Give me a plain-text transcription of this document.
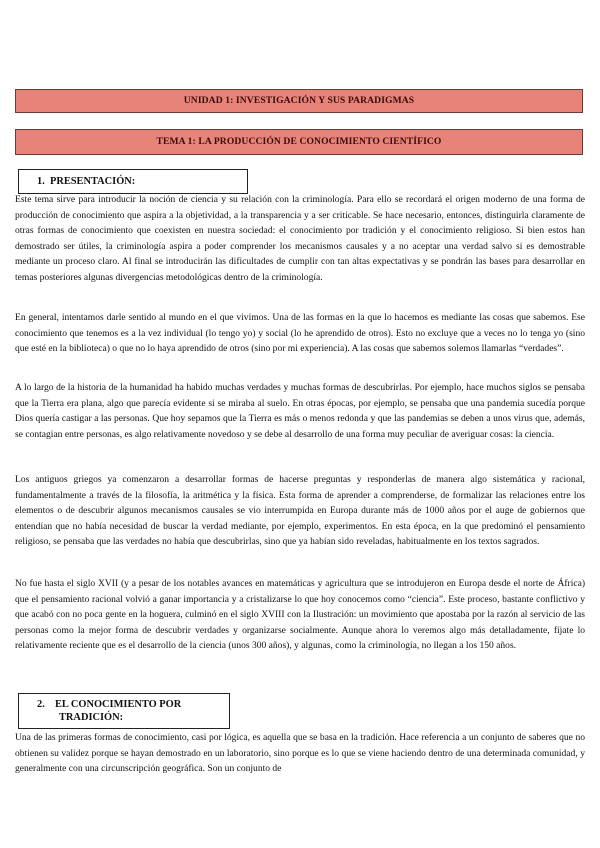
UNIDAD 1: INVESTIGACIÓN Y SUS PARADIGMAS
TEMA 1: LA PRODUCCIÓN DE CONOCIMIENTO CIENTÍFICO
1. PRESENTACIÓN:

Este tema sirve para introducir la noción de ciencia y su relación con la criminología. Para ello se recordará el origen moderno de una forma de producción de conocimiento que aspira a la objetividad, a la transparencia y a ser criticable. Se hace necesario, entonces, distinguirla claramente de otras formas de conocimiento que coexisten en nuestra sociedad: el conocimiento por tradición y el conocimiento religioso. Si bien estos han demostrado ser útiles, la criminología aspira a poder comprender los mecanismos causales y a no aceptar una verdad salvo si es demostrable mediante un proceso claro. Al final se introducirán las dificultades de cumplir con tan altas expectativas y se pondrán las bases para desarrollar en temas posteriores algunas divergencias metodológicas dentro de la criminología.

En general, intentamos darle sentido al mundo en el que vivimos. Una de las formas en la que lo hacemos es mediante las cosas que sabemos. Ese conocimiento que tenemos es a la vez individual (lo tengo yo) y social (lo he aprendido de otros). Esto no excluye que a veces no lo tenga yo (sino que esté en la biblioteca) o que no lo haya aprendido de otros (sino por mi experiencia). A las cosas que sabemos solemos llamarlas “verdades”.

A lo largo de la historia de la humanidad ha habido muchas verdades y muchas formas de descubrirlas. Por ejemplo, hace muchos siglos se pensaba que la Tierra era plana, algo que parecía evidente si se miraba al suelo. En otras épocas, por ejemplo, se pensaba que una pandemia sucedía porque Dios quería castigar a las personas. Que hoy sepamos que la Tierra es más o menos redonda y que las pandemias se deben a unos virus que, además, se contagian entre personas, es algo relativamente novedoso y se debe al desarrollo de una forma muy peculiar de averiguar cosas: la ciencia.

Los antiguos griegos ya comenzaron a desarrollar formas de hacerse preguntas y responderlas de manera algo sistemática y racional, fundamentalmente a través de la filosofía, la aritmética y la física. Esta forma de aprender a comprenderse, de formalizar las relaciones entre los elementos o de descubrir algunos mecanismos causales se vio interrumpida en Europa durante más de 1000 años por el auge de gobiernos que entendían que no había necesidad de buscar la verdad mediante, por ejemplo, experimentos. En esta época, en la que predominó el pensamiento religioso, se pensaba que las verdades no había que descubrirlas, sino que ya habían sido reveladas, habitualmente en los textos sagrados.

No fue hasta el siglo XVII (y a pesar de los notables avances en matemáticas y agricultura que se introdujeron en Europa desde el norte de África) que el pensamiento racional volvió a ganar importancia y a cristalizarse lo que hoy conocemos como “ciencia”. Este proceso, bastante conflictivo y que acabó con no poca gente en la hoguera, culminó en el siglo XVIII con la Ilustración: un movimiento que apostaba por la razón al servicio de las personas como la mejor forma de descubrir verdades y organizarse socialmente. Aunque ahora lo veremos algo más detalladamente, fíjate lo relativamente reciente que es el desarrollo de la ciencia (unos 300 años), y algunas, como la criminología, no llegan a los 150 años.

2. EL CONOCIMIENTO POR
TRADICIÓN:

Una de las primeras formas de conocimiento, casi por lógica, es aquella que se basa en la tradición. Hace referencia a un conjunto de saberes que no obtienen su validez porque se hayan demostrado en un laboratorio, sino porque es lo que se viene haciendo dentro de una determinada comunidad, y generalmente con una circunscripción geográfica. Son un conjunto de
